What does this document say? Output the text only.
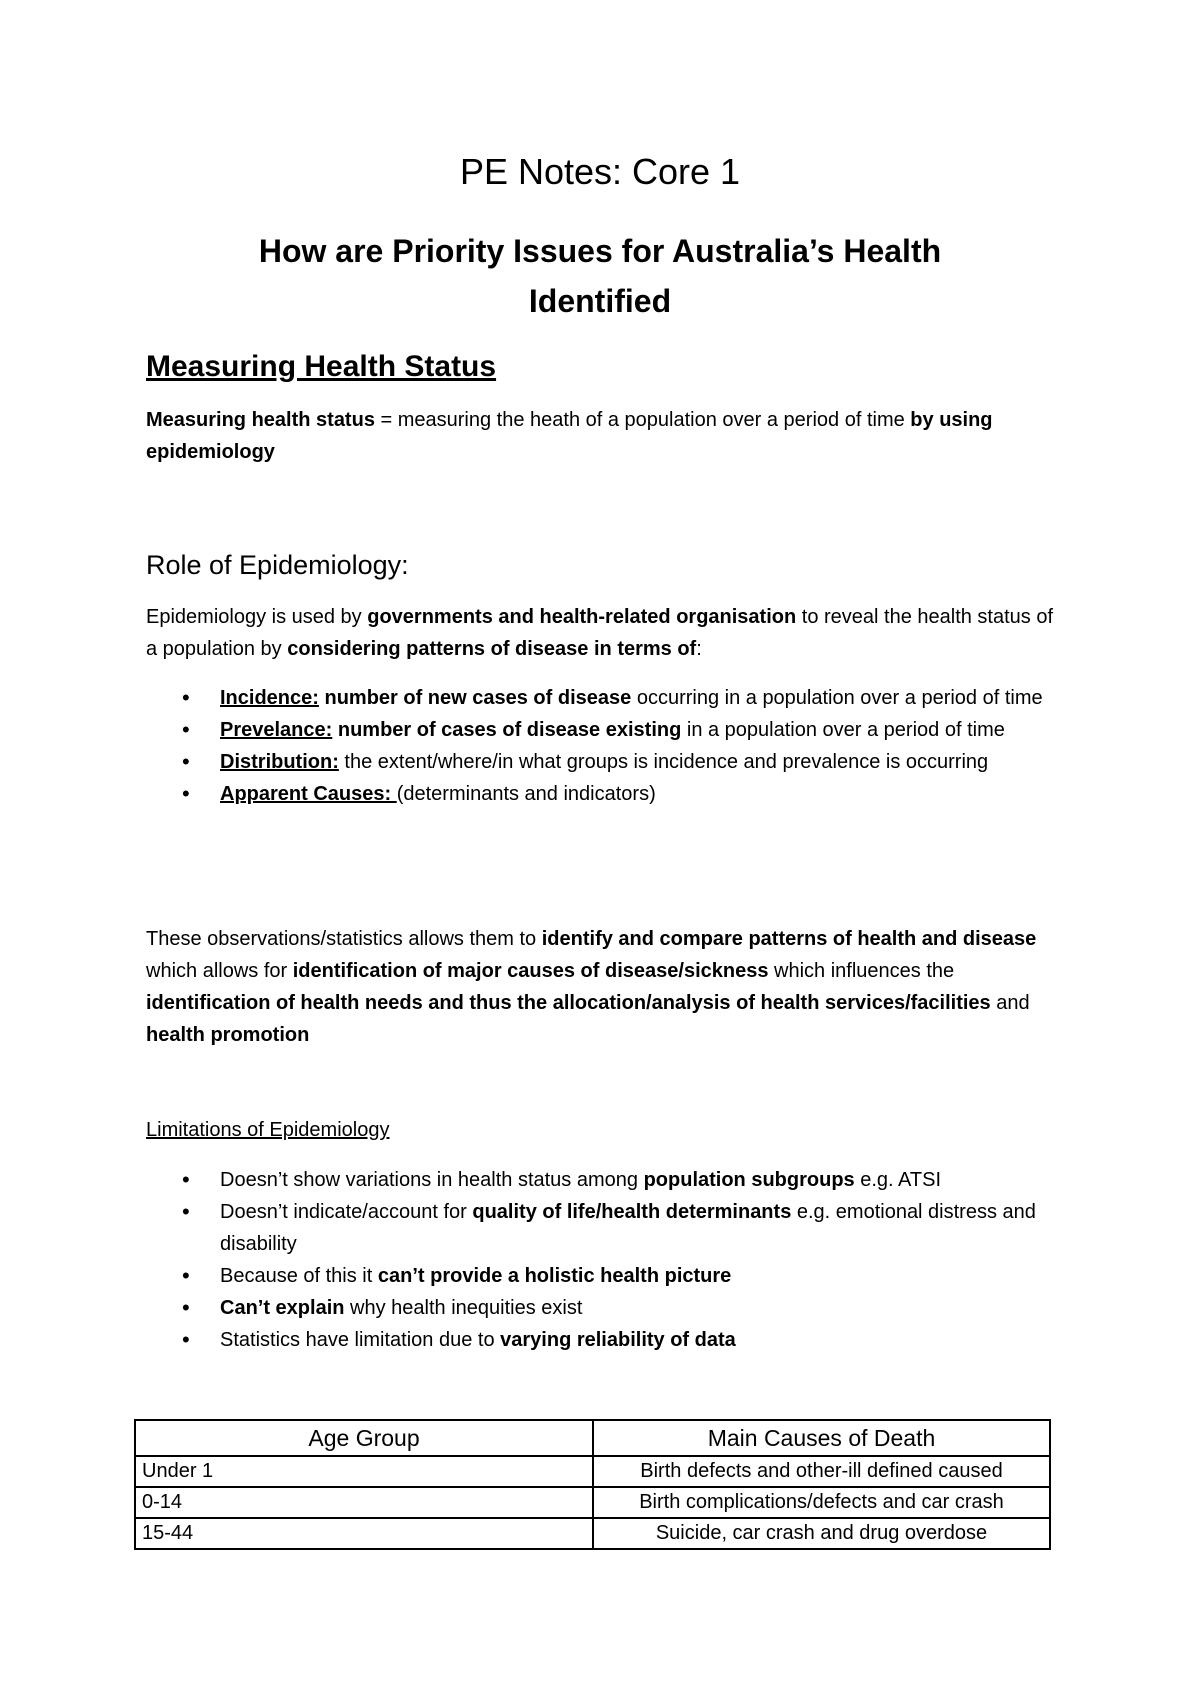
PE Notes: Core 1
How are Priority Issues for Australia’s Health Identified
Measuring Health Status

Measuring health status = measuring the heath of a population over a period of time by using epidemiology

Role of Epidemiology:

Epidemiology is used by governments and health-related organisation to reveal the health status of a population by considering patterns of disease in terms of:

• Incidence: number of new cases of disease occurring in a population over a period of time
• Prevelance: number of cases of disease existing in a population over a period of time
• Distribution: the extent/where/in what groups is incidence and prevalence is occurring
• Apparent Causes: (determinants and indicators)

These observations/statistics allows them to identify and compare patterns of health and disease which allows for identification of major causes of disease/sickness which influences the identification of health needs and thus the allocation/analysis of health services/facilities and health promotion

Limitations of Epidemiology
• Doesn’t show variations in health status among population subgroups e.g. ATSI
• Doesn’t indicate/account for quality of life/health determinants e.g. emotional distress and disability
• Because of this it can’t provide a holistic health picture
• Can’t explain why health inequities exist
• Statistics have limitation due to varying reliability of data
Age Group	Main Causes of Death
Under 1	Birth defects and other-ill defined caused
0-14	Birth complications/defects and car crash
15-44	Suicide, car crash and drug overdose
